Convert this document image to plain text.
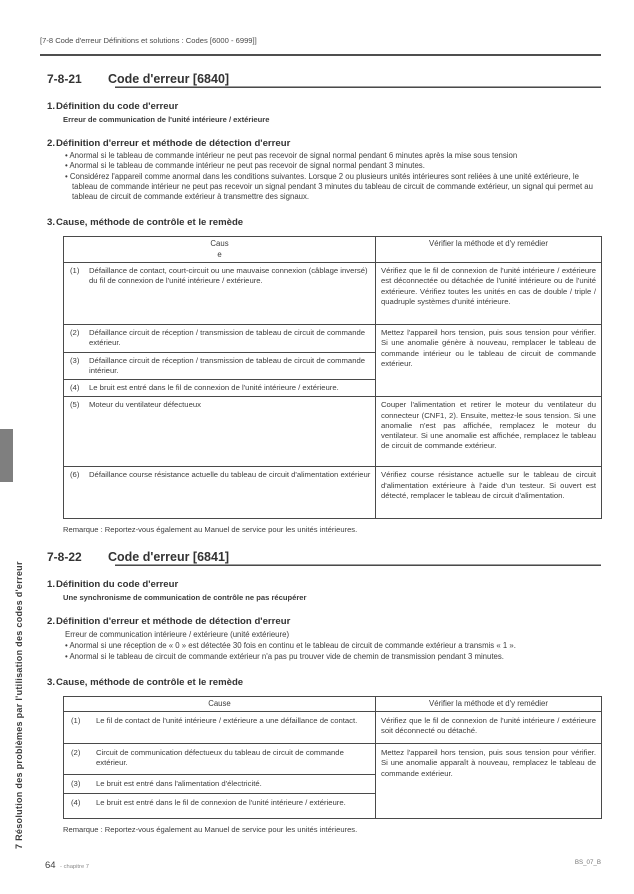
7 Résolution des problèmes par l'utilisation des codes d'erreur
[7-8 Code d'erreur Définitions et solutions : Codes [6000 - 6999]]
7-8-21	Code d'erreur [6840]
1. Définition du code d'erreur
Erreur de communication de l'unité intérieure / extérieure
2. Définition d'erreur et méthode de détection d'erreur
• Anormal si le tableau de commande intérieur ne peut pas recevoir de signal normal pendant 6 minutes après la mise sous tension
• Anormal si le tableau de commande intérieur ne peut pas recevoir de signal normal pendant 3 minutes.
• Considérez l'appareil comme anormal dans les conditions suivantes. Lorsque 2 ou plusieurs unités intérieures sont reliées à une unité extérieure, le tableau de commande intérieur ne peut pas recevoir un signal pendant 3 minutes du tableau de circuit de commande extérieur, un signal qui permet au tableau de circuit de commande extérieur à transmettre des signaux.
3. Cause, méthode de contrôle et le remède
Caus
e	Vérifier la méthode et d'y remédier

(1) Défaillance de contact, court-circuit ou une mauvaise connexion (câblage inversé) du fil de connexion de l'unité intérieure / extérieure.	Vérifiez que le fil de connexion de l'unité intérieure / extérieure est déconnectée ou détachée de l'unité intérieure ou de l'unité extérieure. Vérifiez toutes les unités en cas de double / triple / quadruple systèmes d'unité intérieure.

(2) Défaillance circuit de réception / transmission de tableau de circuit de commande extérieur.	Mettez l'appareil hors tension, puis sous tension pour vérifier. Si une anomalie génère à nouveau, remplacer le tableau de commande intérieur ou le tableau de circuit de commande extérieur.

(3) Défaillance circuit de réception / transmission de tableau de circuit de commande intérieur.	

(4) Le bruit est entré dans le fil de connexion de l'unité intérieure / extérieure.	

(5) Moteur du ventilateur défectueux	Couper l'alimentation et retirer le moteur du ventilateur du connecteur (CNF1, 2). Ensuite, mettez-le sous tension. Si une anomalie n'est pas affichée, remplacez le moteur du ventilateur. Si une anomalie est affichée, remplacez le tableau de circuit de commande extérieur.

(6) Défaillance course résistance actuelle du tableau de circuit d'alimentation extérieur	Vérifiez course résistance actuelle sur le tableau de circuit d'alimentation extérieure à l'aide d'un testeur. Si ouvert est détecté, remplacer le tableau de circuit d'alimentation.
Remarque : Reportez-vous également au Manuel de service pour les unités intérieures.
7-8-22	Code d'erreur [6841]
1. Définition du code d'erreur
Une synchronisme de communication de contrôle ne pas récupérer
2. Définition d'erreur et méthode de détection d'erreur
Erreur de communication intérieure / extérieure (unité extérieure)
• Anormal si une réception de « 0 » est détectée 30 fois en continu et le tableau de circuit de commande extérieur a transmis « 1 ».
• Anormal si le tableau de circuit de commande extérieur n'a pas pu trouver vide de chemin de transmission pendant 3 minutes.
3. Cause, méthode de contrôle et le remède
Cause	Vérifier la méthode et d'y remédier

(1) Le fil de contact de l'unité intérieure / extérieure a une défaillance de contact.	Vérifiez que le fil de connexion de l'unité intérieure / extérieure soit déconnecté ou détaché.

(2) Circuit de communication défectueux du tableau de circuit de commande extérieur.	Mettez l'appareil hors tension, puis sous tension pour vérifier. Si une anomalie apparaît à nouveau, remplacez le tableau de commande extérieur.

(3) Le bruit est entré dans l'alimentation d'électricité.	

(4) Le bruit est entré dans le fil de connexion de l'unité intérieure / extérieure.	
Remarque : Reportez-vous également au Manuel de service pour les unités intérieures.
64 - chapitre 7
BS_07_B
